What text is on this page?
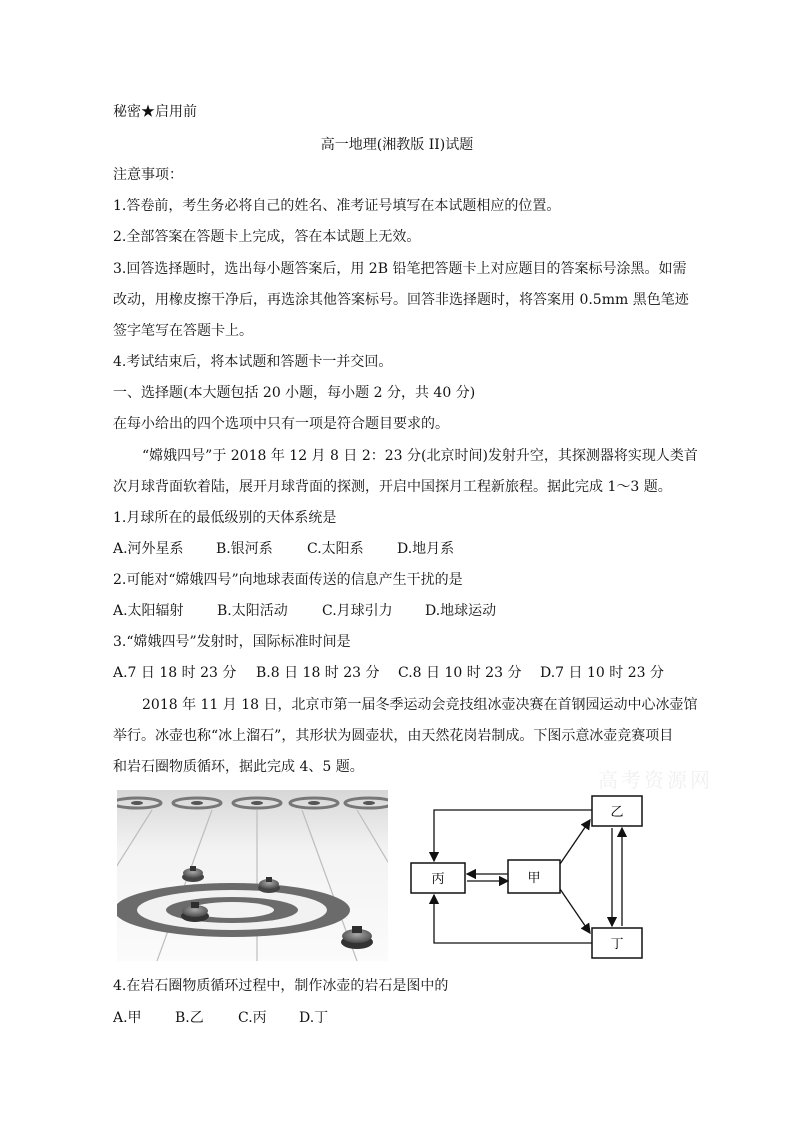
秘密★启用前
高一地理(湘教版 II)试题
注意事项：
1.答卷前，考生务必将自己的姓名、准考证号填写在本试题相应的位置。
2.全部答案在答题卡上完成，答在本试题上无效。
3.回答选择题时，选出每小题答案后，用 2B 铅笔把答题卡上对应题目的答案标号涂黑。如需
改动，用橡皮擦干净后，再选涂其他答案标号。回答非选择题时，将答案用 0.5mm 黑色笔迹
签字笔写在答题卡上。
4.考试结束后，将本试题和答题卡一并交回。
一、选择题(本大题包括 20 小题，每小题 2 分，共 40 分)
在每小给出的四个选项中只有一项是符合题目要求的。
“嫦娥四号”于 2018 年 12 月 8 日 2：23 分(北京时间)发射升空，其探测器将实现人类首
次月球背面软着陆，展开月球背面的探测，开启中国探月工程新旅程。据此完成 1～3 题。
1.月球所在的最低级别的天体系统是
A.河外星系 B.银河系 C.太阳系 D.地月系
2.可能对“嫦娥四号”向地球表面传送的信息产生干扰的是
A.太阳辐射 B.太阳活动 C.月球引力 D.地球运动
3.“嫦娥四号”发射时，国际标准时间是
A.7 日 18 时 23 分 B.8 日 18 时 23 分 C.8 日 10 时 23 分 D.7 日 10 时 23 分
2018 年 11 月 18 日，北京市第一届冬季运动会竞技组冰壶决赛在首钢园运动中心冰壶馆
举行。冰壶也称“冰上溜石”，其形状为圆壶状，由天然花岗岩制成。下图示意冰壶竞赛项目
和岩石圈物质循环，据此完成 4、5 题。
高考资源网
乙
丙	甲
丁
4.在岩石圈物质循环过程中，制作冰壶的岩石是图中的
A.甲 B.乙 C.丙 D.丁
